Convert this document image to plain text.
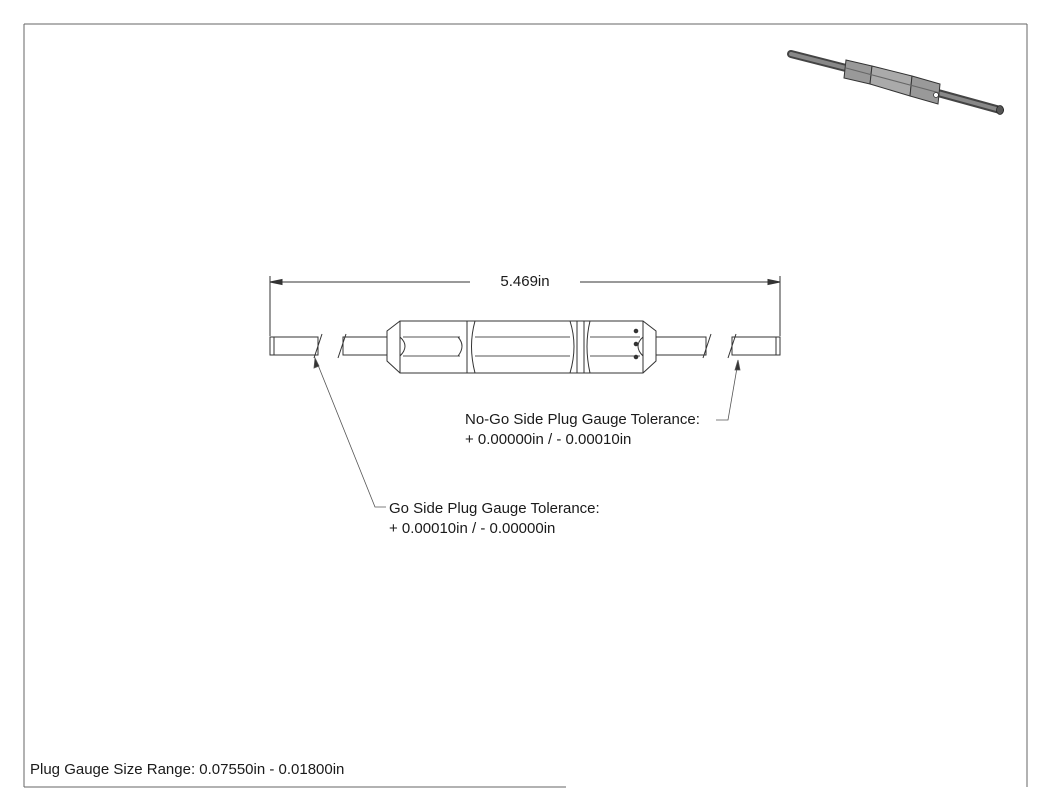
5.469in
No-Go Side Plug Gauge Tolerance:
+ 0.00000in / - 0.00010in
Go Side Plug Gauge Tolerance:
+ 0.00010in / - 0.00000in
Plug Gauge Size Range: 0.07550in - 0.01800in
